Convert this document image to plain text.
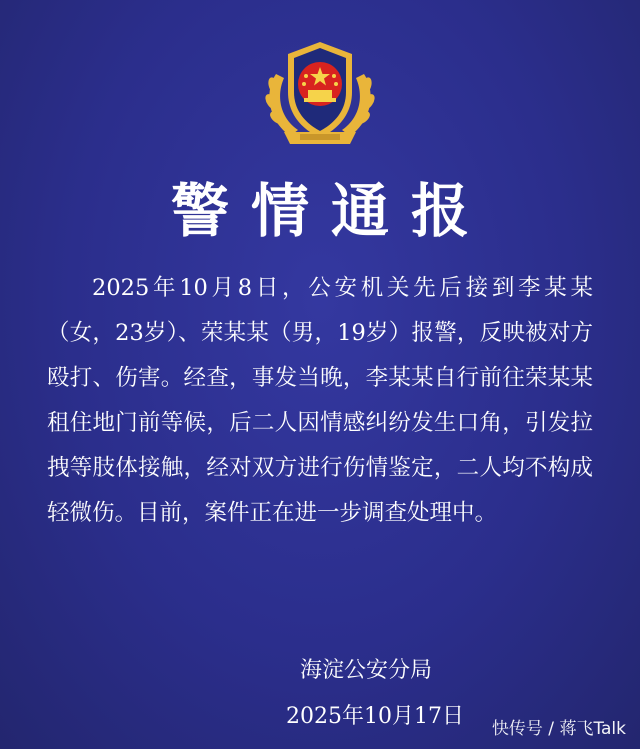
警情通报

2025年10月8日，公安机关先后接到李某某（女，23岁）、荣某某（男，19岁）报警，反映被对方殴打、伤害。经查，事发当晚，李某某自行前往荣某某租住地门前等候，后二人因情感纠纷发生口角，引发拉拽等肢体接触，经对双方进行伤情鉴定，二人均不构成轻微伤。目前，案件正在进一步调查处理中。

海淀公安分局

2025年10月17日 快传号 / 蒋飞Talk
